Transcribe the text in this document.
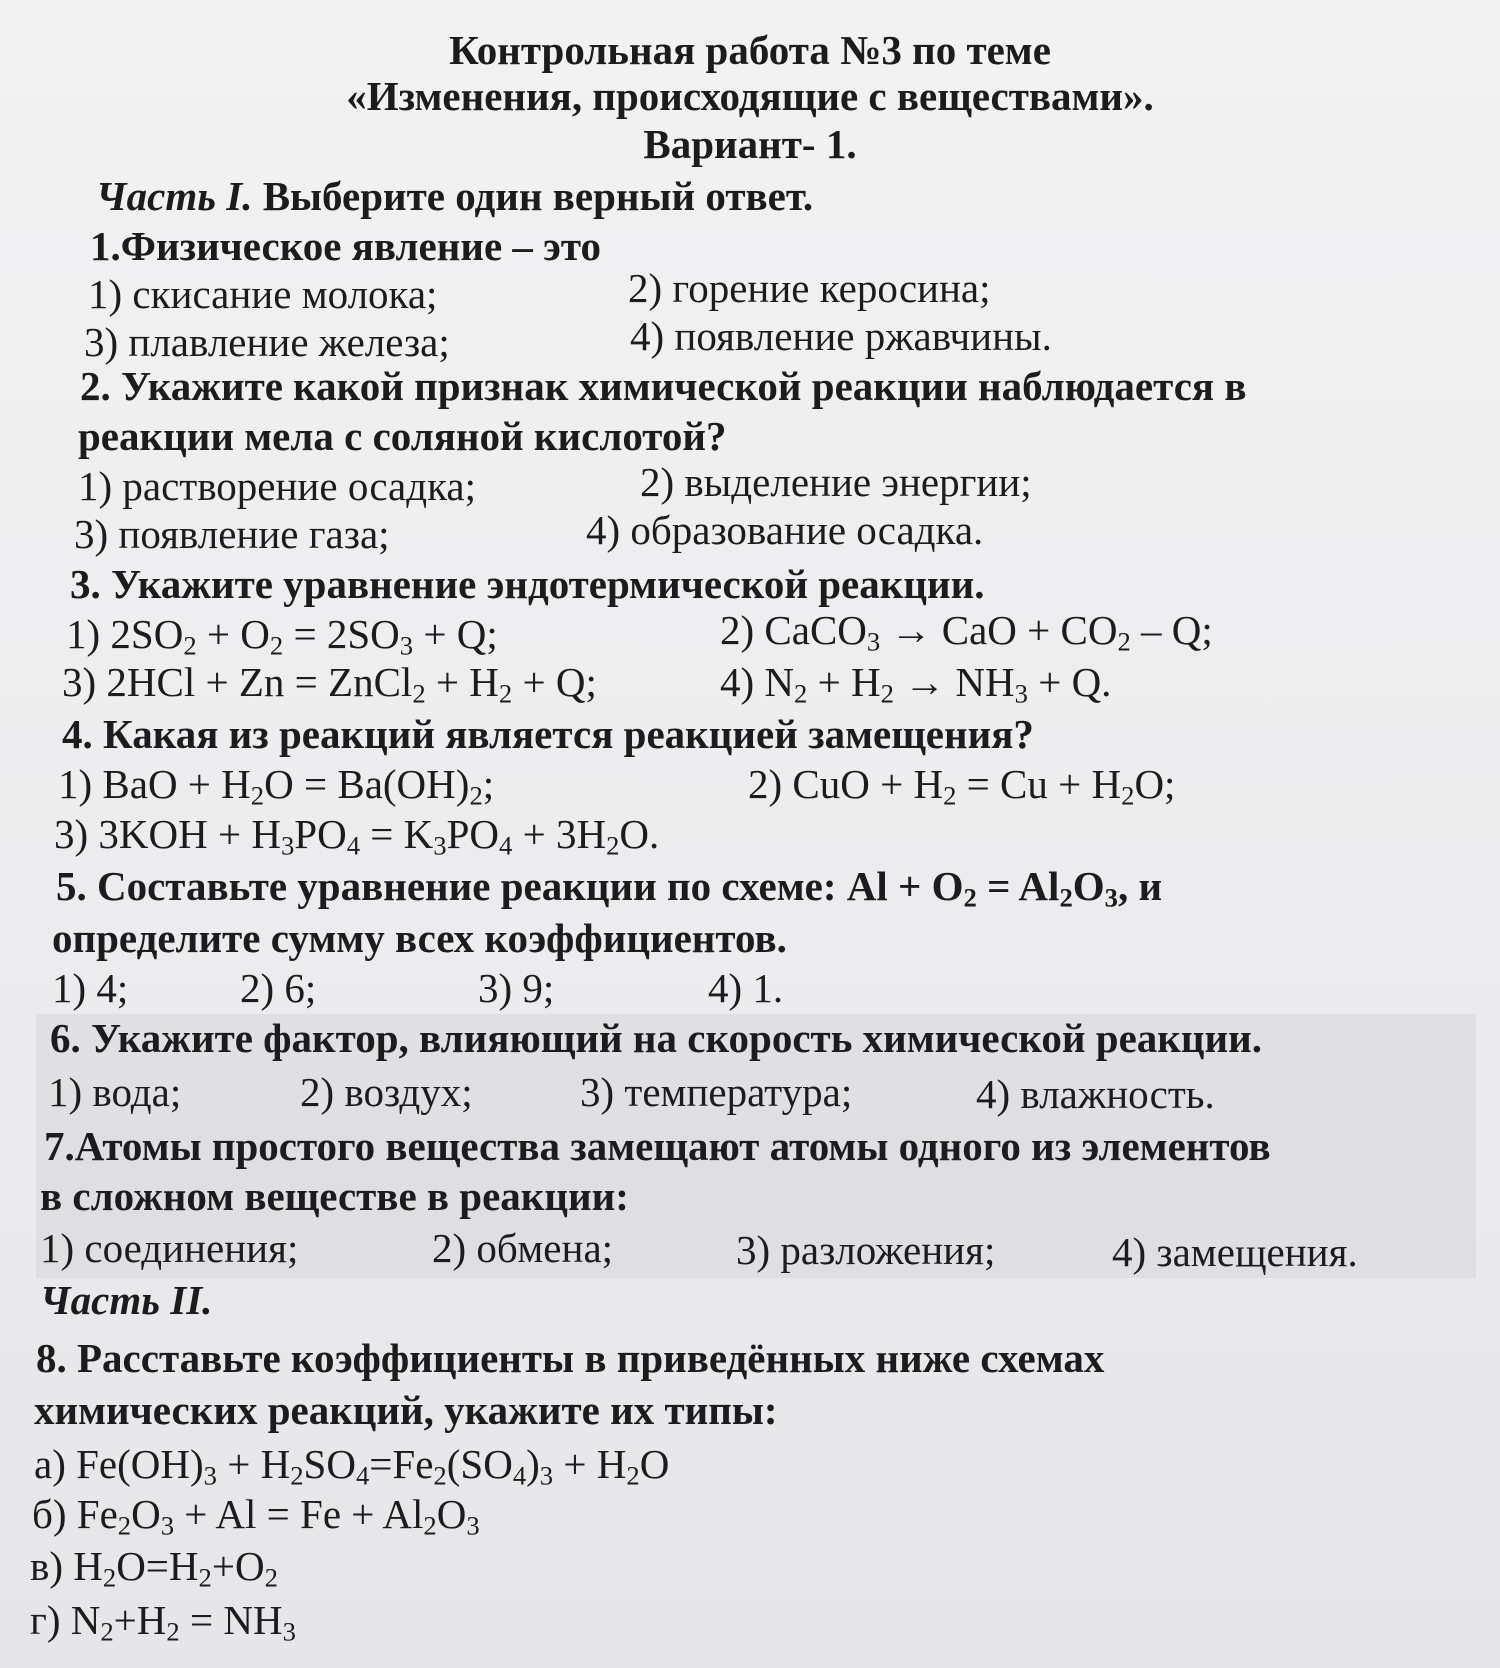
Контрольная работа №3 по теме
«Изменения, происходящие с веществами».
Вариант- 1.
Часть I. Выберите один верный ответ.
1.Физическое явление – это
1) скисание молока;	2) горение керосина;
3) плавление железа;	4) появление ржавчины.
2. Укажите какой признак химической реакции наблюдается в
реакции мела с соляной кислотой?
1) растворение осадка;	2) выделение энергии;
3) появление газа;	4) образование осадка.
3. Укажите уравнение эндотермической реакции.
1) $2SO_2 + O_2 = 2SO_3 + Q$;	2) CaCO$_3$ → CaO + $CO_2$ – Q;
3) 2HCl + Zn = ZnCl$_2$ + $H_2 + Q$;	4) $N_2 + H_2 \to NH_3 + Q$.
4. Какая из реакций является реакцией замещения?
1) BaO + $H_2O = Ba(OH)_2$;	2) CuO + $H_2 = Cu + H_2O$;
3) $3KOH + H_3PO_4 = K_3PO_4 + 3H_2O$.
5. Составьте уравнение реакции по схеме: $Al + O_2 = Al_2O_3$, и
определите сумму всех коэффициентов.
1) 4;	2) 6;	3) 9;	4) 1.
6. Укажите фактор, влияющий на скорость химической реакции.
1) вода;	2) воздух;	3) температура;	4) влажность.
7.Атомы простого вещества замещают атомы одного из элементов
в сложном веществе в реакции:
1) соединения;	2) обмена;	3) разложения;	4) замещения.
Часть II.
8. Расставьте коэффициенты в приведённых ниже схемах
химических реакций, укажите их типы:
а) $Fe(OH)_3 + H_2SO_4=Fe_2(SO_4)_3 + H_2O$
б) $Fe_2O_3 + Al = Fe + Al_2O_3$
в) $H_2O=H_2+O_2$
г) $N_2+H_2 = NH_3$
